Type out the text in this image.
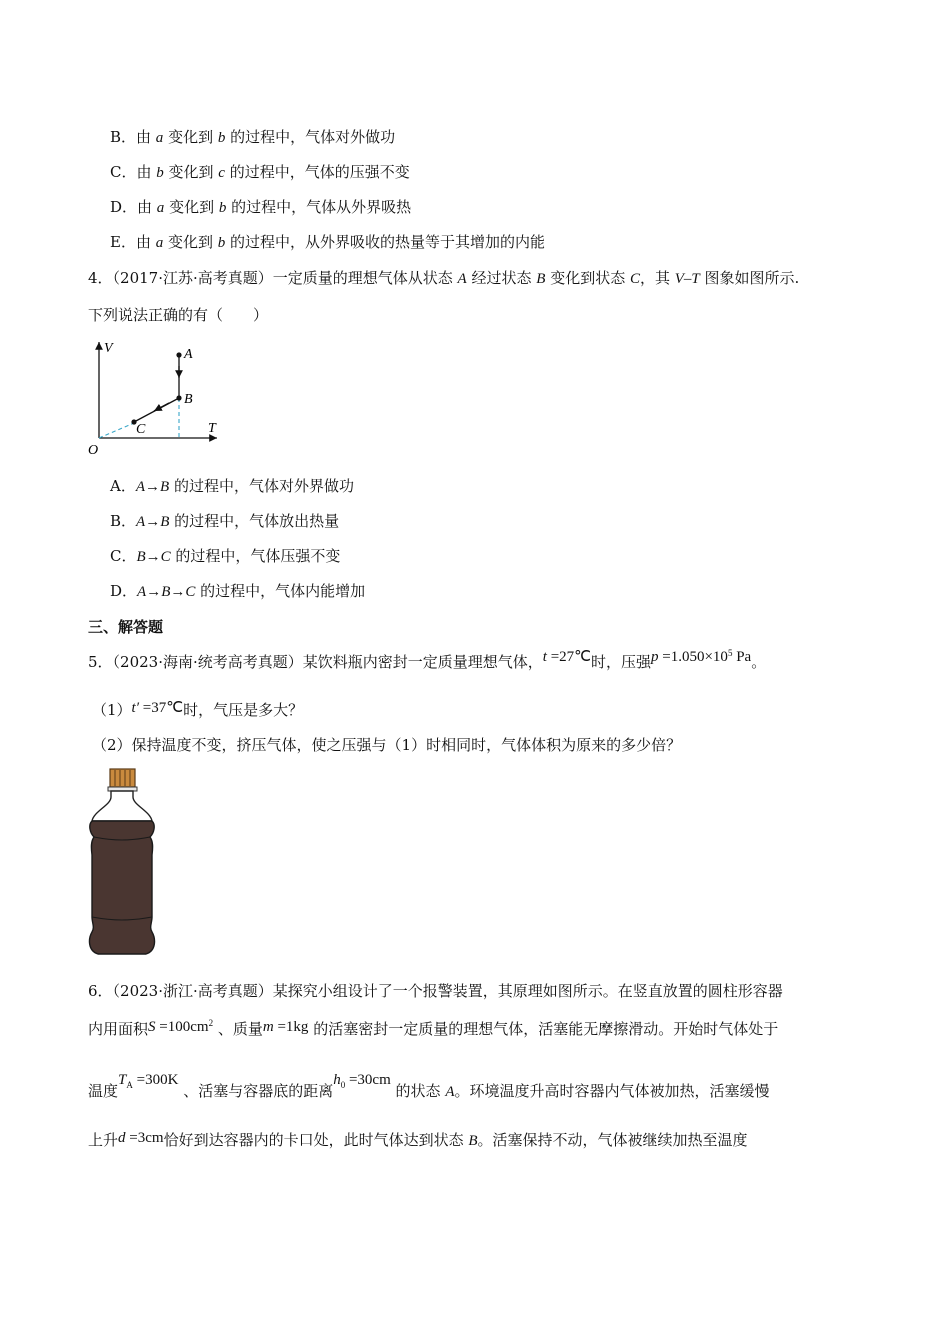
B．由 a 变化到 b 的过程中，气体对外做功
C．由 b 变化到 c 的过程中，气体的压强不变
D．由 a 变化到 b 的过程中，气体从外界吸热
E．由 a 变化到 b 的过程中，从外界吸收的热量等于其增加的内能
4．（2017·江苏·高考真题）一定质量的理想气体从状态 A 经过状态 B 变化到状态 C，其 V–T 图象如图所示.
下列说法正确的有（　　）
V
T
O
A
B
C
A．A→B 的过程中，气体对外界做功
B．A→B 的过程中，气体放出热量
C．B→C 的过程中，气体压强不变
D．A→B→C 的过程中，气体内能增加
三、解答题
5．（2023·海南·统考高考真题）某饮料瓶内密封一定质量理想气体，t =27℃时，压强$p =1.050\times 10^5$ Pa。
（1）t′ =37℃时，气压是多大？
（2）保持温度不变，挤压气体，使之压强与（1）时相同时，气体体积为原来的多少倍？
6．（2023·浙江·高考真题）某探究小组设计了一个报警装置，其原理如图所示。在竖直放置的圆柱形容器
内用面积$S =100cm^2$ 、质量m =1kg 的活塞密封一定质量的理想气体，活塞能无摩擦滑动。开始时气体处于
温度$T_A =300K$ 、活塞与容器底的距离$h_0 =30cm$ 的状态 A。环境温度升高时容器内气体被加热，活塞缓慢
上升d =3cm恰好到达容器内的卡口处，此时气体达到状态 B。活塞保持不动，气体被继续加热至温度
